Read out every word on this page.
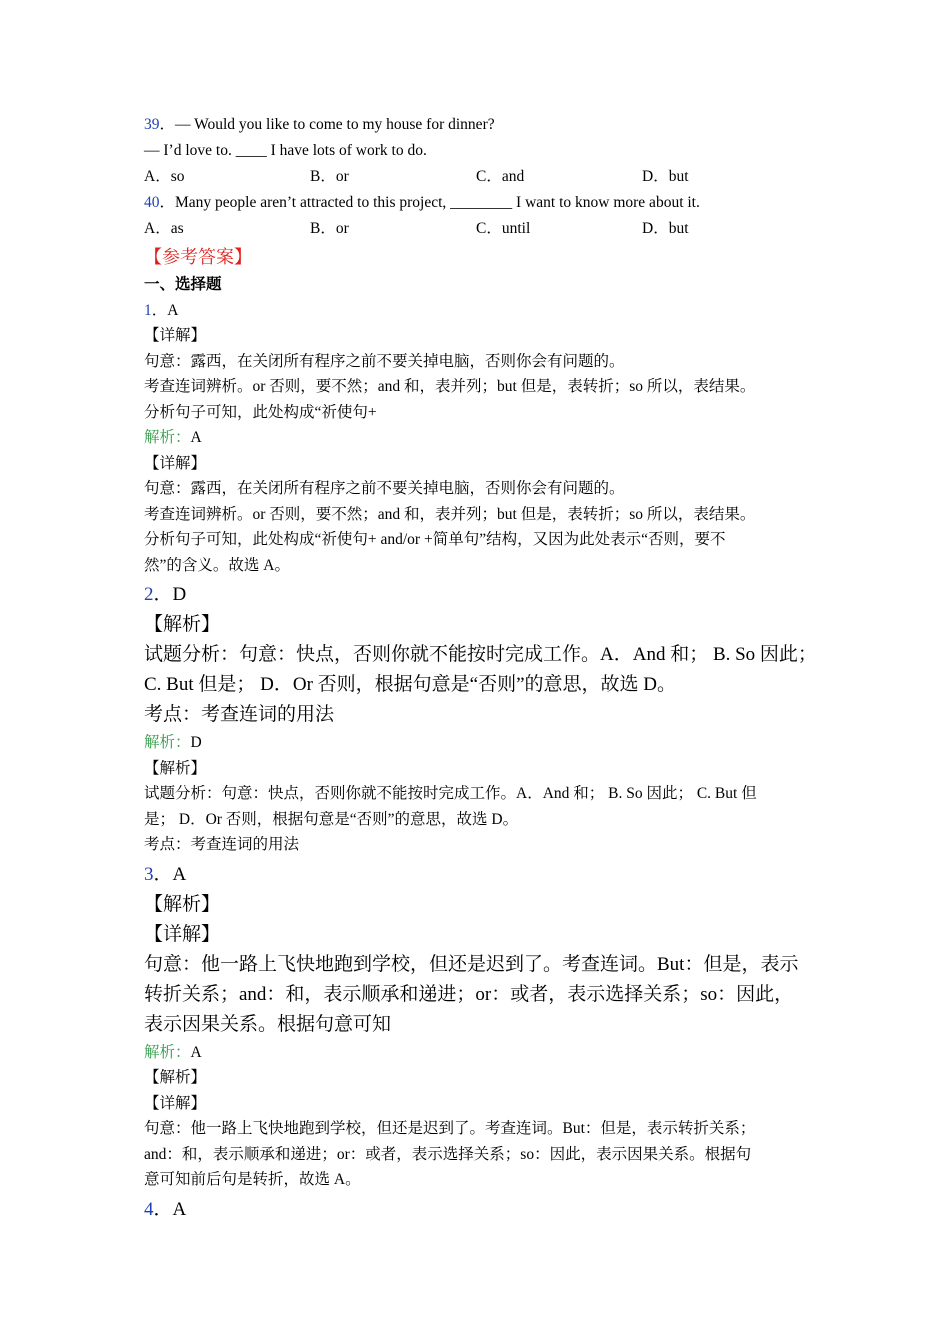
39．— Would you like to come to my house for dinner?
— I’d love to. ____ I have lots of work to do.
A．so	B．or	C．and	D．but
40．Many people aren’t attracted to this project, ________ I want to know more about it.
A．as	B．or	C．until	D．but
【参考答案】
一、选择题
1．A
【详解】
句意：露西，在关闭所有程序之前不要关掉电脑，否则你会有问题的。
考查连词辨析。or 否则，要不然；and 和，表并列；but 但是，表转折；so 所以，表结果。
分析句子可知，此处构成“祈使句+
解析：A
【详解】
句意：露西，在关闭所有程序之前不要关掉电脑，否则你会有问题的。
考查连词辨析。or 否则，要不然；and 和，表并列；but 但是，表转折；so 所以，表结果。
分析句子可知，此处构成“祈使句+ and/or +简单句”结构，又因为此处表示“否则，要不
然”的含义。故选 A。
2．D
【解析】
试题分析：句意：快点，否则你就不能按时完成工作。A．And 和； B. So 因此；
C. But 但是； D．Or 否则，根据句意是“否则”的意思，故选 D。
考点：考查连词的用法
解析：D
【解析】
试题分析：句意：快点，否则你就不能按时完成工作。A．And 和； B. So 因此； C. But 但
是； D．Or 否则，根据句意是“否则”的意思，故选 D。
考点：考查连词的用法
3．A
【解析】
【详解】
句意：他一路上飞快地跑到学校，但还是迟到了。考查连词。But：但是，表示
转折关系；and：和，表示顺承和递进；or：或者，表示选择关系；so：因此，
表示因果关系。根据句意可知
解析：A
【解析】
【详解】
句意：他一路上飞快地跑到学校，但还是迟到了。考查连词。But：但是，表示转折关系；
and：和，表示顺承和递进；or：或者，表示选择关系；so：因此，表示因果关系。根据句
意可知前后句是转折，故选 A。
4．A
